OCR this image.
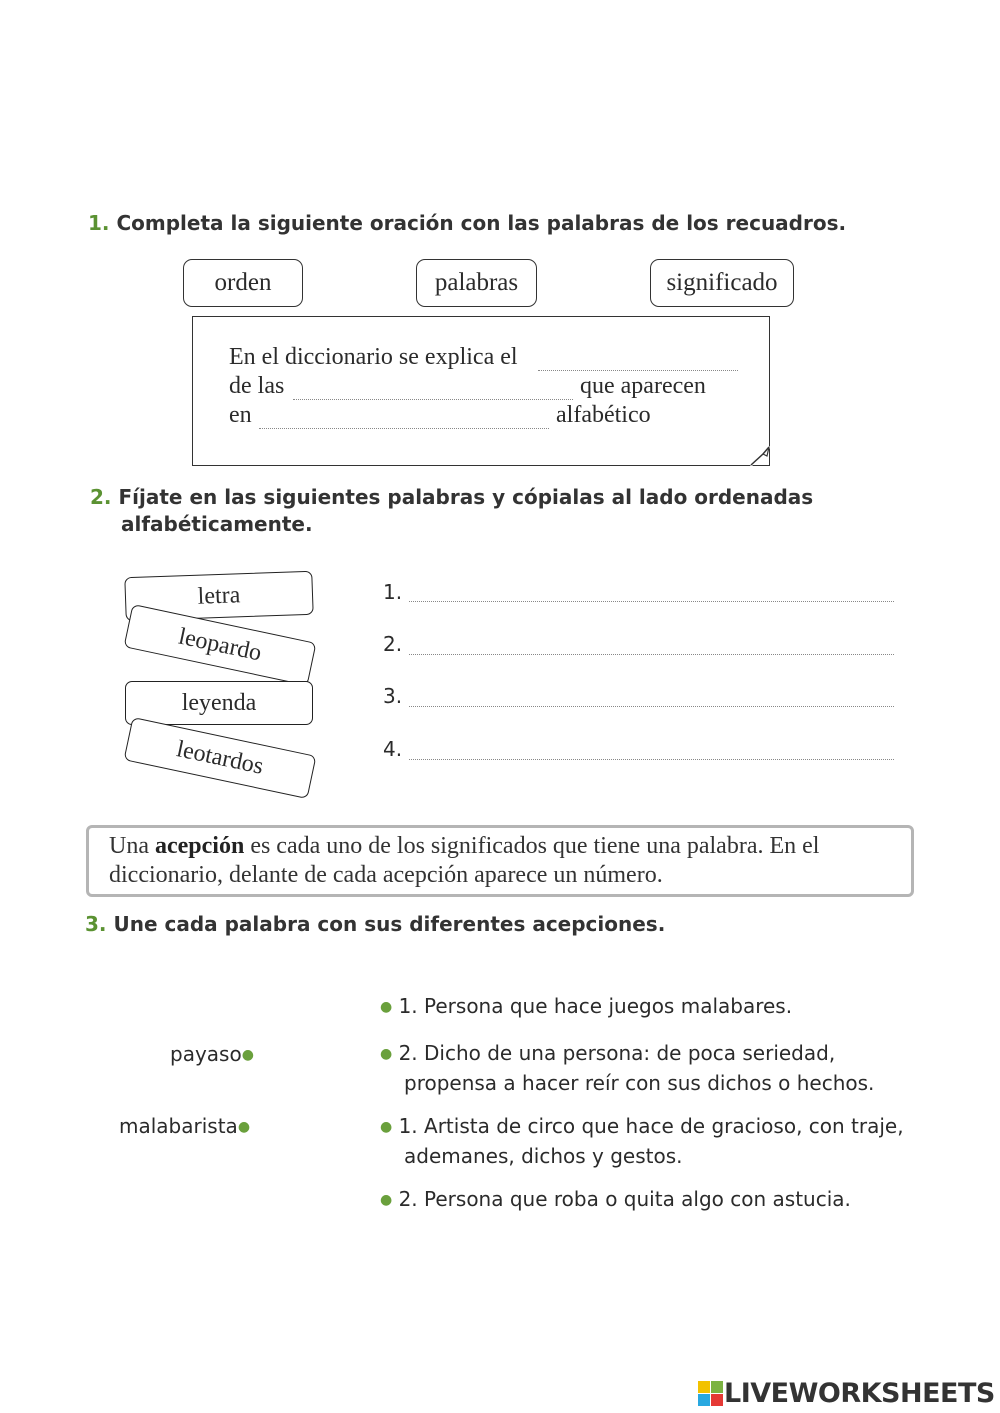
1. Completa la siguiente oración con las palabras de los recuadros.
orden	palabras	significado
En el diccionario se explica el
de las	que aparecen
en	alfabético
2. Fíjate en las siguientes palabras y cópialas al lado ordenadas
alfabéticamente.
letra
leopardo
leyenda
leotardos
1.
2.
3.
4.
Una acepción es cada uno de los significados que tiene una palabra. En el
diccionario, delante de cada acepción aparece un número.
3. Une cada palabra con sus diferentes acepciones.
payaso●
malabarista●
● 1. Persona que hace juegos malabares.
● 2. Dicho de una persona: de poca seriedad,
propensa a hacer reír con sus dichos o hechos.
● 1. Artista de circo que hace de gracioso, con traje,
ademanes, dichos y gestos.
● 2. Persona que roba o quita algo con astucia.
LIVEWORKSHEETS
